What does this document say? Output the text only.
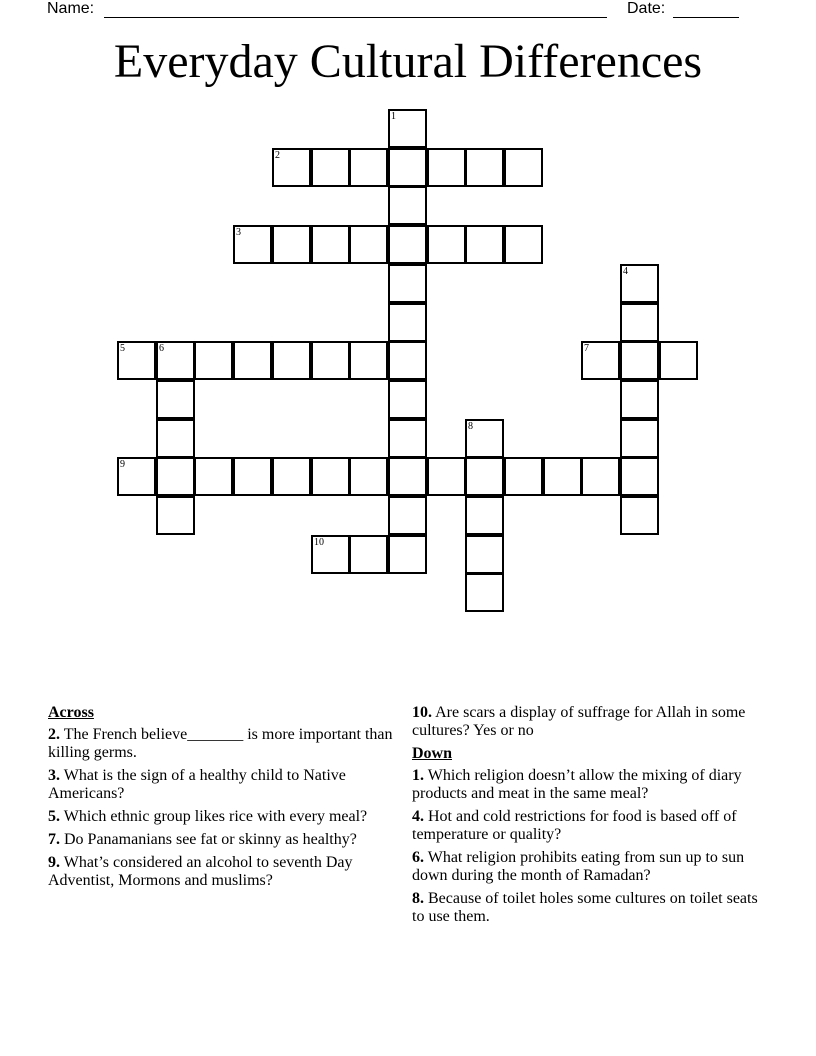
Name:	Date:
Everyday Cultural Differences
2
3
5	6	7
9
10
1
4
8
Across
2. The French believe_______ is more important than killing germs.
3. What is the sign of a healthy child to Native Americans?
5. Which ethnic group likes rice with every meal?
7. Do Panamanians see fat or skinny as healthy?
9. What’s considered an alcohol to seventh Day Adventist, Mormons and muslims?
10. Are scars a display of suffrage for Allah in some cultures? Yes or no
Down
1. Which religion doesn’t allow the mixing of diary products and meat in the same meal?
4. Hot and cold restrictions for food is based off of temperature or quality?
6. What religion prohibits eating from sun up to sun down during the month of Ramadan?
8. Because of toilet holes some cultures on toilet seats to use them.
